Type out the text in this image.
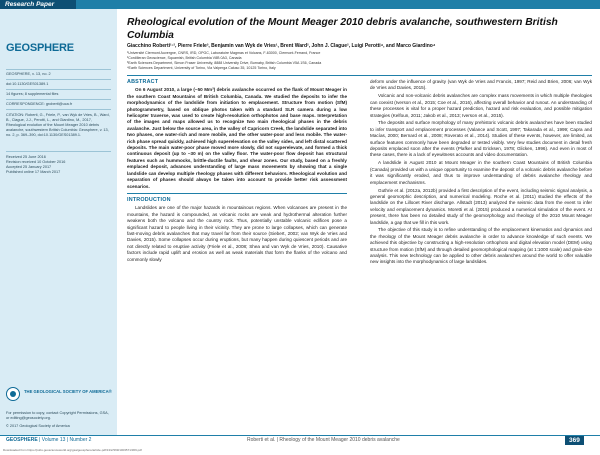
Research Paper
GEOSPHERE
GEOSPHERE, v. 13, no. 2
doi:10.1130/GES01389.1
14 figures; 8 supplemental files
CORRESPONDENCE: groberti@uca.fr
CITATION: Roberti, G., Friele, P., van Wyk de Vries, B., Ward, B., Clague, J.J., Perotti, L., and Giardino, M., 2017, Rheological evolution of the Mount Meager 2010 debris avalanche, southwestern British Columbia: Geosphere, v. 13, no. 2, p. 369–390, doi:10.1130/GES01389.1.
Received 25 June 2016
Revision received 10 October 2016
Accepted 25 January 2017
Published online 17 March 2017
THE GEOLOGICAL SOCIETY OF AMERICA®
For permission to copy, contact Copyright Permissions, GSA, or editing@geosociety.org.
© 2017 Geological Society of America
Rheological evolution of the Mount Meager 2010 debris avalanche, southwestern British Columbia
Giacchino Roberti¹·², Pierre Friele³, Benjamin van Wyk de Vries¹, Brent Ward², John J. Clague², Luigi Perotti⁴, and Marco Giardino⁴
¹Université Clermont Auvergne, CNRS, IRD, OPGC, Laboratoire Magmas et Volcans, F-63000, Clermont-Ferrand, France
²Cordilleran Geoscience, Squamish, British Columbia V8B 0A3, Canada
³Earth Sciences Department, Simon Fraser University, 8888 University Drive, Burnaby, British Columbia V5A 1S6, Canada
⁴Earth Sciences Department, University of Torino, Via Valperga Caluso 35, 10125 Torino, Italy
ABSTRACT

On 6 August 2010, a large (~50 Mm³) debris avalanche occurred on the flank of Mount Meager in the southern Coast Mountains of British Columbia, Canada. We studied the deposits to infer the morphodynamics of the landslide from initiation to emplacement. Structure from motion (SfM) photogrammetry, based on oblique photos taken with a standard SLR camera during a low helicopter traverse, was used to create high-resolution orthophotos and base maps. Interpretation of the images and maps allowed us to recognize two main rheological phases in the debris avalanche. Just below the source area, in the valley of Capricorn Creek, the landslide separated into two phases, one water-rich and more mobile, and the other water-poor and less mobile. The water-rich phase spread quickly, achieved high superelevation on the valley sides, and left distal scattered deposits. The main water-poor phase moved more slowly, did not superelevate, and formed a thick continuous deposit (up to ~30 m) on the valley floor. The water-poor flow deposit has structural features such as hummocks, brittle-ductile faults, and shear zones. Our study, based on a freshly emplaced deposit, advances understanding of large mass movements by showing that a single landslide can develop multiple rheology phases with different behaviors. Rheological evolution and separation of phases should always be taken into account to provide better risk assessment scenarios.

INTRODUCTION

Landslides are one of the major hazards in mountainous regions. When volcanoes are present in the mountains, the hazard is compounded, as volcanic rocks are weak and hydrothermal alteration further weakens both the volcano and the country rock. Thus, potentially unstable volcanic edifices pose a significant hazard to people living in their vicinity. They are prone to large collapses, which can generate fast-moving debris avalanches that may travel far from their source (Siebert, 2002; van Wyk de Vries and Davies, 2015). Some collapses occur during eruptions, but many happen during quiescent periods and are not directly related to eruptive activity (Friele et al., 2008; Shea and van Wyk de Vries, 2010). Causative factors include rapid uplift and erosion as well as weak materials that form the flanks of the volcano and commonly slowly

deform under the influence of gravity (van Wyk de Vries and Francis, 1997; Reid and Brien, 2006; van Wyk de Vries and Davies, 2015).

Volcanic and non-volcanic debris avalanches are complex mass movements in which multiple rheologies can coexist (Iverson et al., 2015; Coe et al., 2016), affecting overall behavior and runout. An understanding of these processes is vital for a proper hazard prediction, hazard and risk evaluation, and possible mitigation strategies (Kelfoun, 2011; Jakob et al., 2013; Iverson et al., 2015).

The deposits and surface morphology of many prehistoric volcanic debris avalanches have been studied to infer transport and emplacement processes (Valance and Scott, 1997; Takarada et al., 1999; Capra and Macías, 2000; Bernard et al., 2008; Roverato et al., 2014). Studies of these events, however, are limited, as surface features commonly have been degraded or tested visibly. Very few studies document in detail fresh deposits emplaced soon after the events (Plafker and Ericksen, 1978; Glicken, 1996). And even in most of these cases, there is a lack of eyewitness accounts and video documentation.

A landslide in August 2010 at Mount Meager in the southern Coast Mountains of British Columbia (Canada) provided us with a unique opportunity to examine the deposit of a volcanic debris avalanche before it was significantly eroded, and thus to improve understanding of debris avalanche rheology and emplacement mechanisms.

Guthrie et al. (2012a, 2012b) provided a first description of the event, including seismic signal analysis, a general geomorphic description, and numerical modeling. Roche et al. (2011) studied the effects of the landslide on the Lillooet River discharge. Allstadt (2013) analyzed the seismic data from the event to infer velocity and emplacement dynamics. Moretti et al. (2015) produced a numerical simulation of the event. At present, there has been no detailed study of the geomorphology and rheology of the 2010 Mount Meager landslide, a gap that we fill in this work.

The objective of this study is to refine understanding of the emplacement kinematics and dynamics and the rheology of the Mount Meager debris avalanche in order to advance knowledge of such events. We achieved this objective by constructing a high-resolution orthophoto and digital elevation model (DEM) using structure from motion (SfM) and through detailed geomorphological mapping (at 1:1000 scale) and grain-size analysis. This new technology can be applied to other debris avalanches around the world to offer valuable new insights into the morphodynamics of large landslides.

GEOSPHERE | Volume 13 | Number 2	Roberti et al. | Rheology of the Mount Meager 2010 debris avalanche	369
Downloaded from https://pubs.geoscienceworld.org/gsa/geosphere/article-pdf/13/2/369/1003571/369.pdf
